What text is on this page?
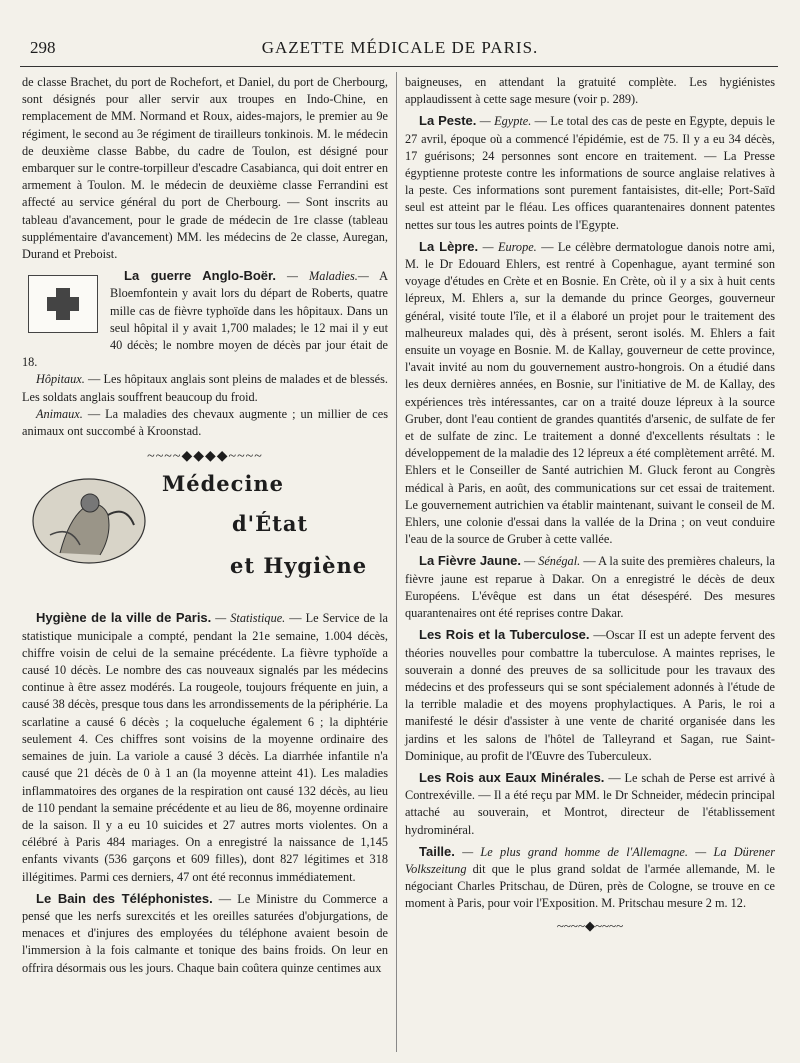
298	GAZETTE MÉDICALE DE PARIS.

de classe Brachet, du port de Rochefort, et Daniel, du port de Cherbourg, sont désignés pour aller servir aux troupes en Indo-Chine, en remplacement de MM. Normand et Roux, aides-majors, le premier au 9e régiment, le second au 3e régiment de tirailleurs tonkinois. M. le médecin de deuxième classe Babbe, du cadre de Toulon, est désigné pour embarquer sur le contre-torpilleur d'escadre Casabianca, qui doit entrer en armement à Toulon. M. le médecin de deuxième classe Ferrandini est affecté au service général du port de Cherbourg. — Sont inscrits au tableau d'avancement, pour le grade de médecin de 1re classe (tableau supplémentaire d'avancement) MM. les médecins de 2e classe, Auregan, Durand et Preboist.

La guerre Anglo-Boër. — Maladies.— A Bloemfontein y avait lors du départ de Roberts, quatre mille cas de fièvre typhoïde dans les hôpitaux. Dans un seul hôpital il y avait 1,700 malades; le 12 mai il y eut 40 décès; le nombre moyen de décès par jour était de 18.

Hôpitaux. — Les hôpitaux anglais sont pleins de malades et de blessés. Les soldats anglais souffrent beaucoup du froid.

Animaux. — La maladies des chevaux augmente ; un millier de ces animaux ont succombé à Kroonstad.

~~~~◆◆◆◆~~~~
Médecine
d'État
et Hygiène

Hygiène de la ville de Paris. — Statistique. — Le Service de la statistique municipale a compté, pendant la 21e semaine, 1.004 décès, chiffre voisin de celui de la semaine précédente. La fièvre typhoïde a causé 10 décès. Le nombre des cas nouveaux signalés par les médecins continue à être assez modérés. La rougeole, toujours fréquente en juin, a causé 38 décès, presque tous dans les arrondissements de la périphérie. La scarlatine a causé 6 décès ; la coqueluche également 6 ; la diphtérie seulement 4. Ces chiffres sont voisins de la moyenne ordinaire des semaines de juin. La variole a causé 3 décès. La diarrhée infantile n'a causé que 21 décès de 0 à 1 an (la moyenne atteint 41). Les maladies inflammatoires des organes de la respiration ont causé 132 décès, au lieu de 110 pendant la semaine précédente et au lieu de 86, moyenne ordinaire de la saison. Il y a eu 10 suicides et 27 autres morts violentes. On a célébré à Paris 484 mariages. On a enregistré la naissance de 1,145 enfants vivants (536 garçons et 609 filles), dont 827 légitimes et 318 illégitimes. Parmi ces derniers, 47 ont été reconnus immédiatement.

Le Bain des Téléphonistes. — Le Ministre du Commerce a pensé que les nerfs surexcités et les oreilles saturées d'objurgations, de menaces et d'injures des employées du téléphone avaient besoin de l'immersion à la fois calmante et tonique des bains froids. On leur en offrira désormais ous les jours. Chaque bain coûtera quinze centimes aux

baigneuses, en attendant la gratuité complète. Les hygiénistes applaudissent à cette sage mesure (voir p. 289).

La Peste. — Egypte. — Le total des cas de peste en Egypte, depuis le 27 avril, époque où a commencé l'épidémie, est de 75. Il y a eu 34 décès, 17 guérisons; 24 personnes sont encore en traitement. — La Presse égyptienne proteste contre les informations de source anglaise relatives à la peste. Ces informations sont purement fantaisistes, dit-elle; Port-Saïd seul est atteint par le fléau. Les offices quarantenaires donnent patentes nettes sur tous les autres points de l'Egypte.

La Lèpre. — Europe. — Le célèbre dermatologue danois notre ami, M. le Dr Edouard Ehlers, est rentré à Copenhague, ayant terminé son voyage d'études en Crète et en Bosnie. En Crète, où il y a six à huit cents lépreux, M. Ehlers a, sur la demande du prince Georges, gouverneur général, visité toute l'île, et il a élaboré un projet pour le traitement des malheureux malades qui, dès à présent, seront isolés. M. Ehlers a fait ensuite un voyage en Bosnie. M. de Kallay, gouverneur de cette province, l'avait invité au nom du gouvernement austro-hongrois. On a étudié dans les deux dernières années, en Bosnie, sur l'initiative de M. de Kallay, des expériences très intéressantes, car on a traité douze lépreux à la source Gruber, dont l'eau contient de grandes quantités d'arsenic, de sulfate de fer et de sulfate de zinc. Le traitement a donné d'excellents résultats : le développement de la maladie des 12 lépreux a été complètement arrêté. M. Ehlers et le Conseiller de Santé autrichien M. Gluck feront au Congrès médical à Paris, en août, des communications sur cet essai de traitement. Le gouvernement autrichien va établir maintenant, suivant le conseil de M. Ehlers, une colonie d'essai dans la vallée de la Drina ; on veut conduire l'eau de la source de Gruber à cette vallée.

La Fièvre Jaune. — Sénégal. — A la suite des premières chaleurs, la fièvre jaune est reparue à Dakar. On a enregistré le décès de deux Européens. L'évêque est dans un état désespéré. Des mesures quarantenaires ont été reprises contre Dakar.

Les Rois et la Tuberculose. —Oscar II est un adepte fervent des théories nouvelles pour combattre la tuberculose. A maintes reprises, le souverain a donné des preuves de sa sollicitude pour les travaux des médecins et des professeurs qui se sont spécialement adonnés à l'étude de la terrible maladie et des moyens prophylactiques. A Paris, le roi a manifesté le désir d'assister à une vente de charité organisée dans les jardins et les salons de l'hôtel de Talleyrand et Sagan, rue Saint-Dominique, au profit de l'Œuvre des Tuberculeux.

Les Rois aux Eaux Minérales. — Le schah de Perse est arrivé à Contrexéville. — Il a été reçu par MM. le Dr Schneider, médecin principal attaché au souverain, et Montrot, directeur de l'établissement hydrominéral.

Taille. — Le plus grand homme de l'Allemagne. — La Dürener Volkszeitung dit que le plus grand soldat de l'armée allemande, M. le négociant Charles Pritschau, de Düren, près de Cologne, se trouve en ce moment à Paris, pour voir l'Exposition. M. Pritschau mesure 2 m. 12.

~~~~◆~~~~
